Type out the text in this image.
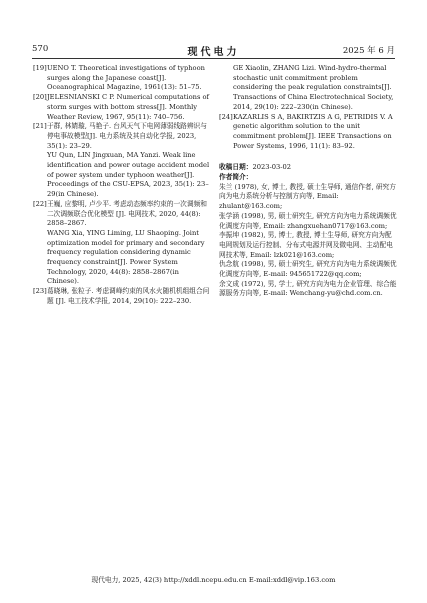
570	现代电力	2025 年 6 月
[19] UENO T. Theoretical investigations of typhoon surges along the Japanese coast[J]. Oceanographical Magazine, 1961(13): 51–75.

[20] JELESNIANSKI C P. Numerical computations of storm surges with bottom stress[J]. Monthly Weather Review, 1967, 95(11): 740–756.

[21] 于群, 林婧璇, 马艳子. 台风天气下电网薄弱线路辨识与停电事故模型[J]. 电力系统及其自动化学报, 2023, 35(1): 23–29.

YU Qun, LIN Jingxuan, MA Yanzi. Weak line identification and power outage accident model of power system under typhoon weather[J]. Proceedings of the CSU-EPSA, 2023, 35(1): 23–29(in Chinese).

[22] 王巍, 应黎明, 卢少平. 考虑动态频率约束的一次调频和二次调频联合优化模型 [J]. 电网技术, 2020, 44(8): 2858–2867.

WANG Xia, YING Liming, LU Shaoping. Joint optimization model for primary and secondary frequency regulation considering dynamic frequency constraint[J]. Power System Technology, 2020, 44(8): 2858–2867(in Chinese).

[23] 葛晓琳, 张粒子. 考虑调峰约束的风水火随机机组组合问题 [J]. 电工技术学报, 2014, 29(10): 222–230.

GE Xiaolin, ZHANG Lizi. Wind-hydro-thermal stochastic unit commitment problem considering the peak regulation constraints[J]. Transactions of China Electrotechnical Society, 2014, 29(10): 222–230(in Chinese).

[24] KAZARLIS S A, BAKIRTZIS A G, PETRIDIS V. A genetic algorithm solution to the unit commitment problem[J]. IEEE Transactions on Power Systems, 1996, 11(1): 83–92.

收稿日期：2023-03-02

作者简介：

朱兰 (1978), 女, 博士, 教授, 硕士生导师, 通信作者, 研究方向为电力系统分析与控制方向等, Email: zhulant@163.com;

张学涵 (1998), 男, 硕士研究生, 研究方向为电力系统调频优化调度方向等, Email: zhangxuehan0717@163.com;

李振坤 (1982), 男, 博士, 教授, 博士生导师, 研究方向为配电网规划及运行控制、分布式电源并网及微电网、主动配电网技术等, Email: lzk021@163.com;

仇念航 (1998), 男, 硕士研究生, 研究方向为电力系统调频优化调度方向等, E-mail: 945651722@qq.com;

余文成 (1972), 男, 学士, 研究方向为电力企业管理、综合能源服务方向等, E-mail: Wenchang-yu@chd.com.cn.

现代电力, 2025, 42(3) http://xddl.ncepu.edu.cn E-mail:xddl@vip.163.com
